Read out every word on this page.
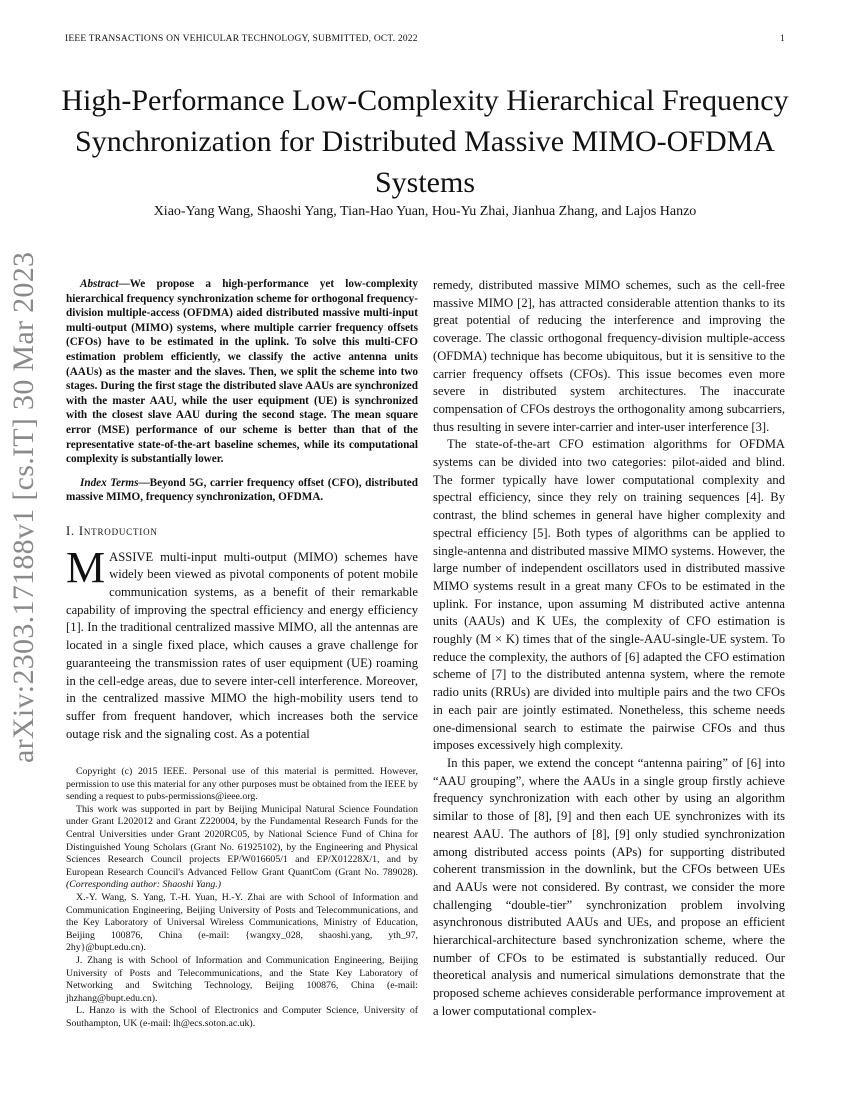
IEEE TRANSACTIONS ON VEHICULAR TECHNOLOGY, SUBMITTED, OCT. 2022	1
High-Performance Low-Complexity Hierarchical Frequency Synchronization for Distributed Massive MIMO-OFDMA Systems
Xiao-Yang Wang, Shaoshi Yang, Tian-Hao Yuan, Hou-Yu Zhai, Jianhua Zhang, and Lajos Hanzo
arXiv:2303.17188v1 [cs.IT] 30 Mar 2023	Abstract—We propose a high-performance yet low-complexity hierarchical frequency synchronization scheme for orthogonal frequency-division multiple-access (OFDMA) aided distributed massive multi-input multi-output (MIMO) systems, where multiple carrier frequency offsets (CFOs) have to be estimated in the uplink. To solve this multi-CFO estimation problem efficiently, we classify the active antenna units (AAUs) as the master and the slaves. Then, we split the scheme into two stages. During the first stage the distributed slave AAUs are synchronized with the master AAU, while the user equipment (UE) is synchronized with the closest slave AAU during the second stage. The mean square error (MSE) performance of our scheme is better than that of the representative state-of-the-art baseline schemes, while its computational complexity is substantially lower.

Index Terms—Beyond 5G, carrier frequency offset (CFO), distributed massive MIMO, frequency synchronization, OFDMA.

I. Introduction

MASSIVE multi-input multi-output (MIMO) schemes have widely been viewed as pivotal components of potent mobile communication systems, as a benefit of their remarkable capability of improving the spectral efficiency and energy efficiency [1]. In the traditional centralized massive MIMO, all the antennas are located in a single fixed place, which causes a grave challenge for guaranteeing the transmission rates of user equipment (UE) roaming in the cell-edge areas, due to severe inter-cell interference. Moreover, in the centralized massive MIMO the high-mobility users tend to suffer from frequent handover, which increases both the service outage risk and the signaling cost. As a potential

Copyright (c) 2015 IEEE. Personal use of this material is permitted. However, permission to use this material for any other purposes must be obtained from the IEEE by sending a request to pubs-permissions@ieee.org.

This work was supported in part by Beijing Municipal Natural Science Foundation under Grant L202012 and Grant Z220004, by the Fundamental Research Funds for the Central Universities under Grant 2020RC05, by National Science Fund of China for Distinguished Young Scholars (Grant No. 61925102), by the Engineering and Physical Sciences Research Council projects EP/W016605/1 and EP/X01228X/1, and by European Research Council's Advanced Fellow Grant QuantCom (Grant No. 789028). (Corresponding author: Shaoshi Yang.)

X.-Y. Wang, S. Yang, T.-H. Yuan, H.-Y. Zhai are with School of Information and Communication Engineering, Beijing University of Posts and Telecommunications, and the Key Laboratory of Universal Wireless Communications, Ministry of Education, Beijing 100876, China (e-mail: {wangxy_028, shaoshi.yang, yth_97, 2hy}@bupt.edu.cn).

J. Zhang is with School of Information and Communication Engineering, Beijing University of Posts and Telecommunications, and the State Key Laboratory of Networking and Switching Technology, Beijing 100876, China (e-mail: jhzhang@bupt.edu.cn).

L. Hanzo is with the School of Electronics and Computer Science, University of Southampton, UK (e-mail: lh@ecs.soton.ac.uk).

remedy, distributed massive MIMO schemes, such as the cell-free massive MIMO [2], has attracted considerable attention thanks to its great potential of reducing the interference and improving the coverage. The classic orthogonal frequency-division multiple-access (OFDMA) technique has become ubiquitous, but it is sensitive to the carrier frequency offsets (CFOs). This issue becomes even more severe in distributed system architectures. The inaccurate compensation of CFOs destroys the orthogonality among subcarriers, thus resulting in severe inter-carrier and inter-user interference [3].

The state-of-the-art CFO estimation algorithms for OFDMA systems can be divided into two categories: pilot-aided and blind. The former typically have lower computational complexity and spectral efficiency, since they rely on training sequences [4]. By contrast, the blind schemes in general have higher complexity and spectral efficiency [5]. Both types of algorithms can be applied to single-antenna and distributed massive MIMO systems. However, the large number of independent oscillators used in distributed massive MIMO systems result in a great many CFOs to be estimated in the uplink. For instance, upon assuming M distributed active antenna units (AAUs) and K UEs, the complexity of CFO estimation is roughly (M × K) times that of the single-AAU-single-UE system. To reduce the complexity, the authors of [6] adapted the CFO estimation scheme of [7] to the distributed antenna system, where the remote radio units (RRUs) are divided into multiple pairs and the two CFOs in each pair are jointly estimated. Nonetheless, this scheme needs one-dimensional search to estimate the pairwise CFOs and thus imposes excessively high complexity.

In this paper, we extend the concept “antenna pairing” of [6] into “AAU grouping”, where the AAUs in a single group firstly achieve frequency synchronization with each other by using an algorithm similar to those of [8], [9] and then each UE synchronizes with its nearest AAU. The authors of [8], [9] only studied synchronization among distributed access points (APs) for supporting distributed coherent transmission in the downlink, but the CFOs between UEs and AAUs were not considered. By contrast, we consider the more challenging “double-tier” synchronization problem involving asynchronous distributed AAUs and UEs, and propose an efficient hierarchical-architecture based synchronization scheme, where the number of CFOs to be estimated is substantially reduced. Our theoretical analysis and numerical simulations demonstrate that the proposed scheme achieves considerable performance improvement at a lower computational complex-
